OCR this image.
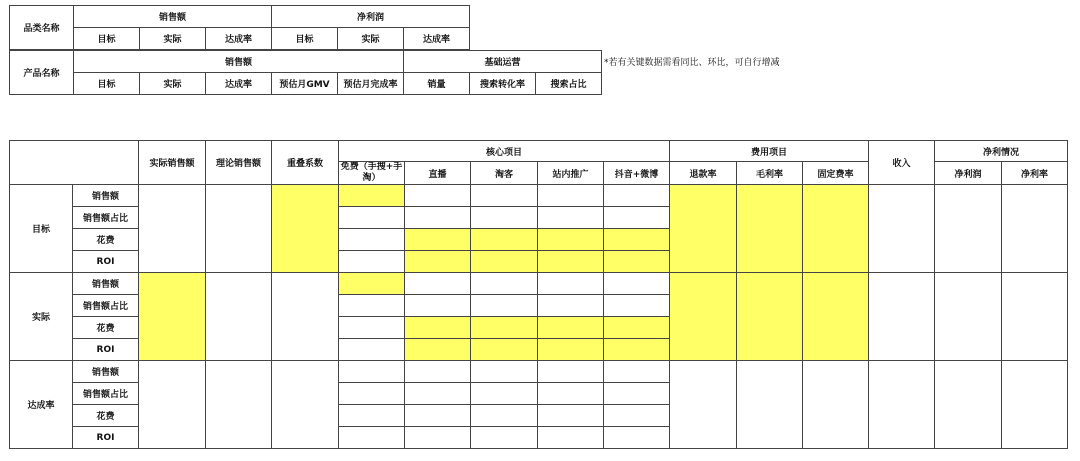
品类名称	销售额			净利润		
	目标	实际	达成率	目标	实际	达成率
产品名称	销售额					基础运营		
	目标	实际	达成率	预估月GMV	预估月完成率	销量	搜索转化率	搜索占比
*若有关键数据需看同比、环比，可自行增减
		实际销售额	理论销售额	重叠系数	核心项目					费用项目			收入	净利情况	
					免费（手搜+手淘）	直播	淘客	站内推广	抖音+微博	退款率	毛利率	固定费率		净利润	净利率
目标	销售额														
	销售额占比														
	花费														
	ROI														
实际	销售额														
	销售额占比														
	花费														
	ROI														
达成率	销售额														
	销售额占比														
	花费														
	ROI														
